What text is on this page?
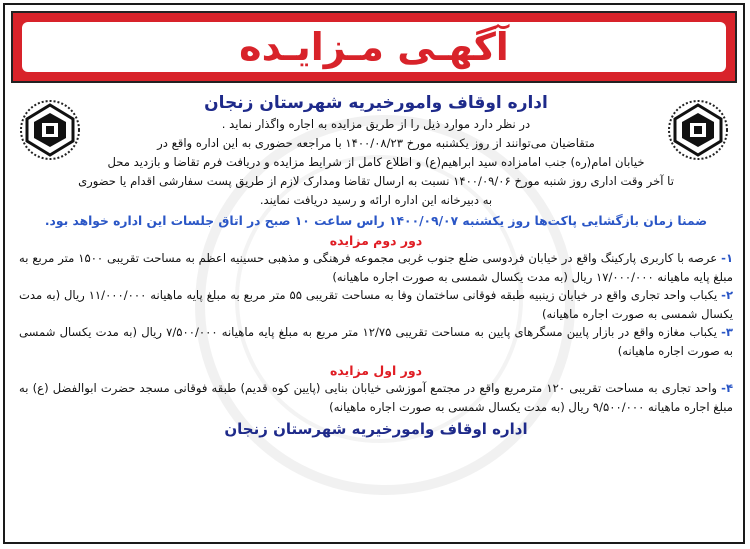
آگهـی مـزایـده
اداره اوقاف وامورخیریه شهرستان زنجان

در نظر دارد موارد ذیل را از طریق مزایده به اجاره واگذار نماید .

متقاضیان می‌توانند از روز یکشنبه مورخ ۱۴۰۰/۰۸/۲۳ با مراجعه حضوری به این اداره واقع در

خیابان امام(ره) جنب امامزاده سید ابراهیم(ع) و اطلاع کامل از شرایط مزایده و دریافت فرم تقاضا و بازدید محل

تا آخر وقت اداری روز شنبه مورخ ۱۴۰۰/۰۹/۰۶ نسبت به ارسال تقاضا ومدارک لازم از طریق پست سفارشی اقدام یا حضوری

به دبیرخانه این اداره ارائه و رسید دریافت نمایند.

ضمنا زمان بازگشایی پاکت‌ها روز یکشنبه ۱۴۰۰/۰۹/۰۷ راس ساعت ۱۰ صبح در اتاق جلسات این اداره خواهد بود.
دور دوم مزایده

۱- عرصه با کاربری پارکینگ واقع در خیابان فردوسی ضلع جنوب غربی مجموعه فرهنگی و مذهبی حسینیه اعظم به مساحت تقریبی ۱۵۰۰ متر مربع به مبلغ پایه ماهیانه ۱۷/۰۰۰/۰۰۰ ریال (به مدت یکسال شمسی به صورت اجاره ماهیانه)

۲- یکباب واحد تجاری واقع در خیابان زینبیه طبقه فوقانی ساختمان وفا به مساحت تقریبی ۵۵ متر مربع به مبلغ پایه ماهیانه ۱۱/۰۰۰/۰۰۰ ریال (به مدت یکسال شمسی به صورت اجاره ماهیانه)

۳- یکباب مغازه واقع در بازار پایین مسگرهای پایین به مساحت تقریبی ۱۲/۷۵ متر مربع به مبلغ پایه ماهیانه ۷/۵۰۰/۰۰۰ ریال (به مدت یکسال شمسی به صورت اجاره ماهیانه)

دور اول مزایده

۴- واحد تجاری به مساحت تقریبی ۱۲۰ مترمربع واقع در مجتمع آموزشی خیابان بنایی (پایین کوه قدیم) طبقه فوقانی مسجد حضرت ابوالفضل (ع) به مبلغ اجاره ماهیانه ۹/۵۰۰/۰۰۰ ریال (به مدت یکسال شمسی به صورت اجاره ماهیانه)

اداره اوقاف وامورخیریه شهرستان زنجان
